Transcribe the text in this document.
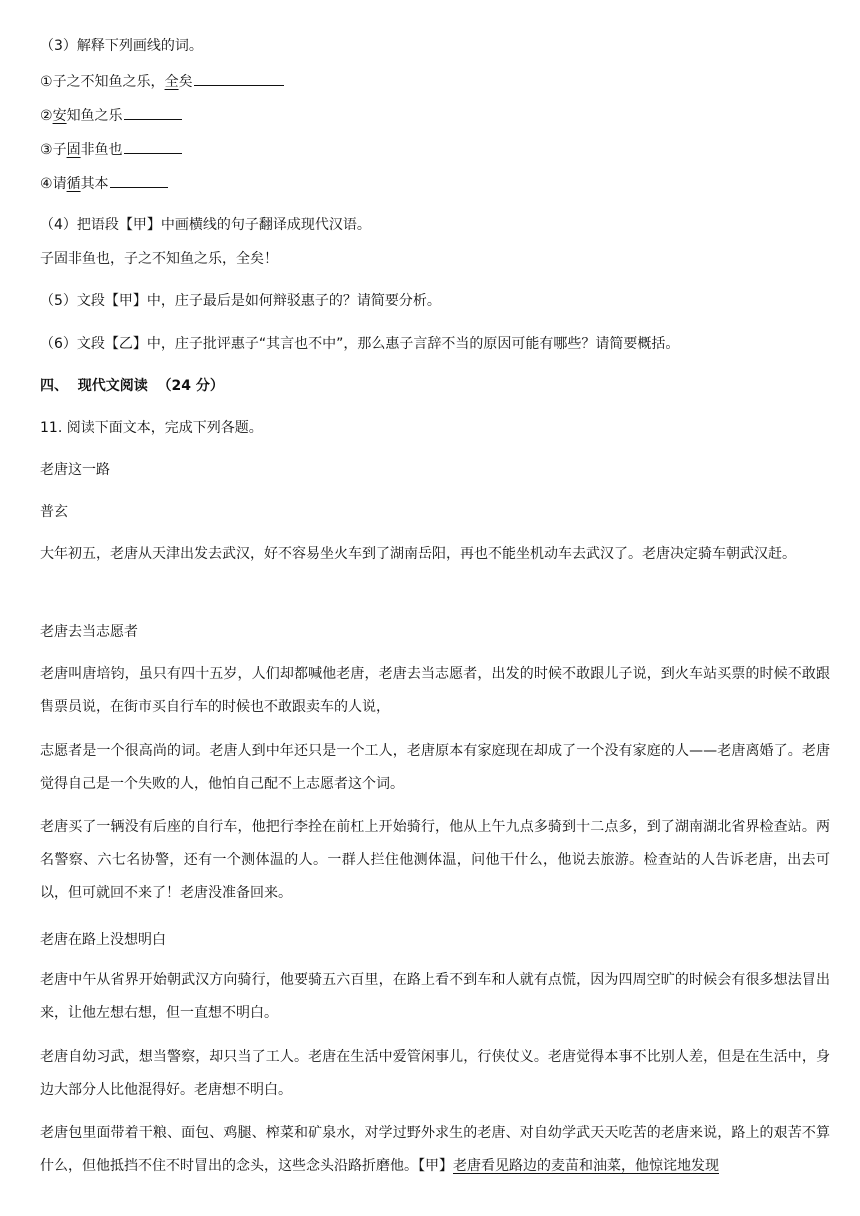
（3）解释下列画线的词。
①子之不知鱼之乐，全矣
②安知鱼之乐
③子固非鱼也
④请循其本
（4）把语段【甲】中画横线的句子翻译成现代汉语。
子固非鱼也，子之不知鱼之乐，全矣！
（5）文段【甲】中，庄子最后是如何辩驳惠子的？请简要分析。
（6）文段【乙】中，庄子批评惠子“其言也不中”，那么惠子言辞不当的原因可能有哪些？请简要概括。
四、 现代文阅读 （24 分）
11. 阅读下面文本，完成下列各题。
老唐这一路
普玄
大年初五，老唐从天津出发去武汉，好不容易坐火车到了湖南岳阳，再也不能坐机动车去武汉了。老唐决定骑车朝武汉赶。
老唐去当志愿者
老唐叫唐培钧，虽只有四十五岁，人们却都喊他老唐，老唐去当志愿者，出发的时候不敢跟儿子说，到火车站买票的时候不敢跟售票员说，在街市买自行车的时候也不敢跟卖车的人说，
志愿者是一个很高尚的词。老唐人到中年还只是一个工人，老唐原本有家庭现在却成了一个没有家庭的人——老唐离婚了。老唐觉得自己是一个失败的人，他怕自己配不上志愿者这个词。
老唐买了一辆没有后座的自行车，他把行李拴在前杠上开始骑行，他从上午九点多骑到十二点多，到了湖南湖北省界检查站。两名警察、六七名协警，还有一个测体温的人。一群人拦住他测体温，问他干什么，他说去旅游。检查站的人告诉老唐，出去可以，但可就回不来了！老唐没准备回来。
老唐在路上没想明白
老唐中午从省界开始朝武汉方向骑行，他要骑五六百里，在路上看不到车和人就有点慌，因为四周空旷的时候会有很多想法冒出来，让他左想右想，但一直想不明白。
老唐自幼习武，想当警察，却只当了工人。老唐在生活中爱管闲事儿，行侠仗义。老唐觉得本事不比别人差，但是在生活中，身边大部分人比他混得好。老唐想不明白。
老唐包里面带着干粮、面包、鸡腿、榨菜和矿泉水，对学过野外求生的老唐、对自幼学武天天吃苦的老唐来说，路上的艰苦不算什么，但他抵挡不住不时冒出的念头，这些念头沿路折磨他。【甲】老唐看见路边的麦苗和油菜，他惊诧地发现
